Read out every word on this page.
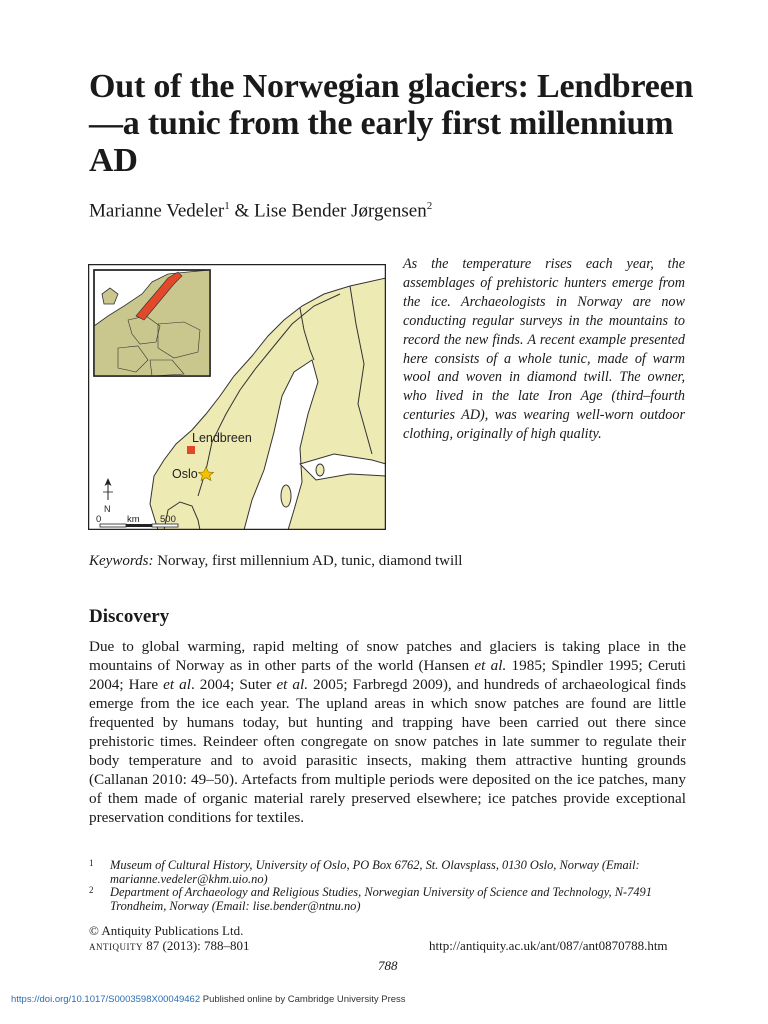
Out of the Norwegian glaciers: Lendbreen—a tunic from the early first millennium AD
Marianne Vedeler$^1$ & Lise Bender Jørgensen$^2$
Lendbreen
Oslo
N
0	km 500

As the temperature rises each year, the assemblages of prehistoric hunters emerge from the ice. Archaeologists in Norway are now conducting regular surveys in the mountains to record the new finds. A recent example presented here consists of a whole tunic, made of warm wool and woven in diamond twill. The owner, who lived in the late Iron Age (third–fourth centuries AD), was wearing well-worn outdoor clothing, originally of high quality.

Keywords: Norway, first millennium AD, tunic, diamond twill
Discovery

Due to global warming, rapid melting of snow patches and glaciers is taking place in the mountains of Norway as in other parts of the world (Hansen et al. 1985; Spindler 1995; Ceruti 2004; Hare et al. 2004; Suter et al. 2005; Farbregd 2009), and hundreds of archaeological finds emerge from the ice each year. The upland areas in which snow patches are found are little frequented by humans today, but hunting and trapping have been carried out there since prehistoric times. Reindeer often congregate on snow patches in late summer to regulate their body temperature and to avoid parasitic insects, making them attractive hunting grounds (Callanan 2010: 49–50). Artefacts from multiple periods were deposited on the ice patches, many of them made of organic material rarely preserved elsewhere; ice patches provide exceptional preservation conditions for textiles.

1 Museum of Cultural History, University of Oslo, PO Box 6762, St. Olavsplass, 0130 Oslo, Norway (Email: marianne.vedeler@khm.uio.no)
2 Department of Archaeology and Religious Studies, Norwegian University of Science and Technology, N-7491 Trondheim, Norway (Email: lise.bender@ntnu.no)
© Antiquity Publications Ltd.
antiquity 87 (2013): 788–801	http://antiquity.ac.uk/ant/087/ant0870788.htm
788
https://doi.org/10.1017/S0003598X00049462 Published online by Cambridge University Press
